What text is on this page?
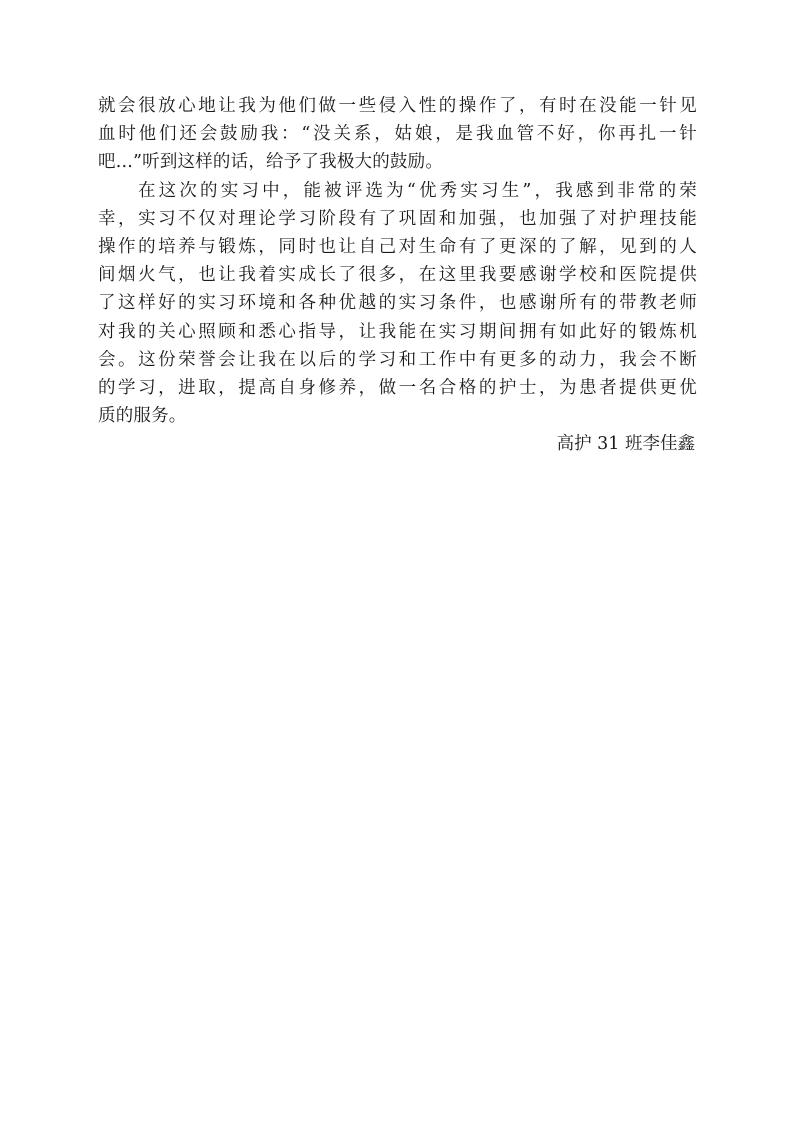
就会很放心地让我为他们做一些侵入性的操作了，有时在没能一针见
血时他们还会鼓励我：“没关系，姑娘，是我血管不好，你再扎一针
吧...”听到这样的话，给予了我极大的鼓励。
在这次的实习中，能被评选为“优秀实习生”，我感到非常的荣
幸，实习不仅对理论学习阶段有了巩固和加强，也加强了对护理技能
操作的培养与锻炼，同时也让自己对生命有了更深的了解，见到的人
间烟火气，也让我着实成长了很多，在这里我要感谢学校和医院提供
了这样好的实习环境和各种优越的实习条件，也感谢所有的带教老师
对我的关心照顾和悉心指导，让我能在实习期间拥有如此好的锻炼机
会。这份荣誉会让我在以后的学习和工作中有更多的动力，我会不断
的学习，进取，提高自身修养，做一名合格的护士，为患者提供更优
质的服务。
高护 31 班李佳鑫
